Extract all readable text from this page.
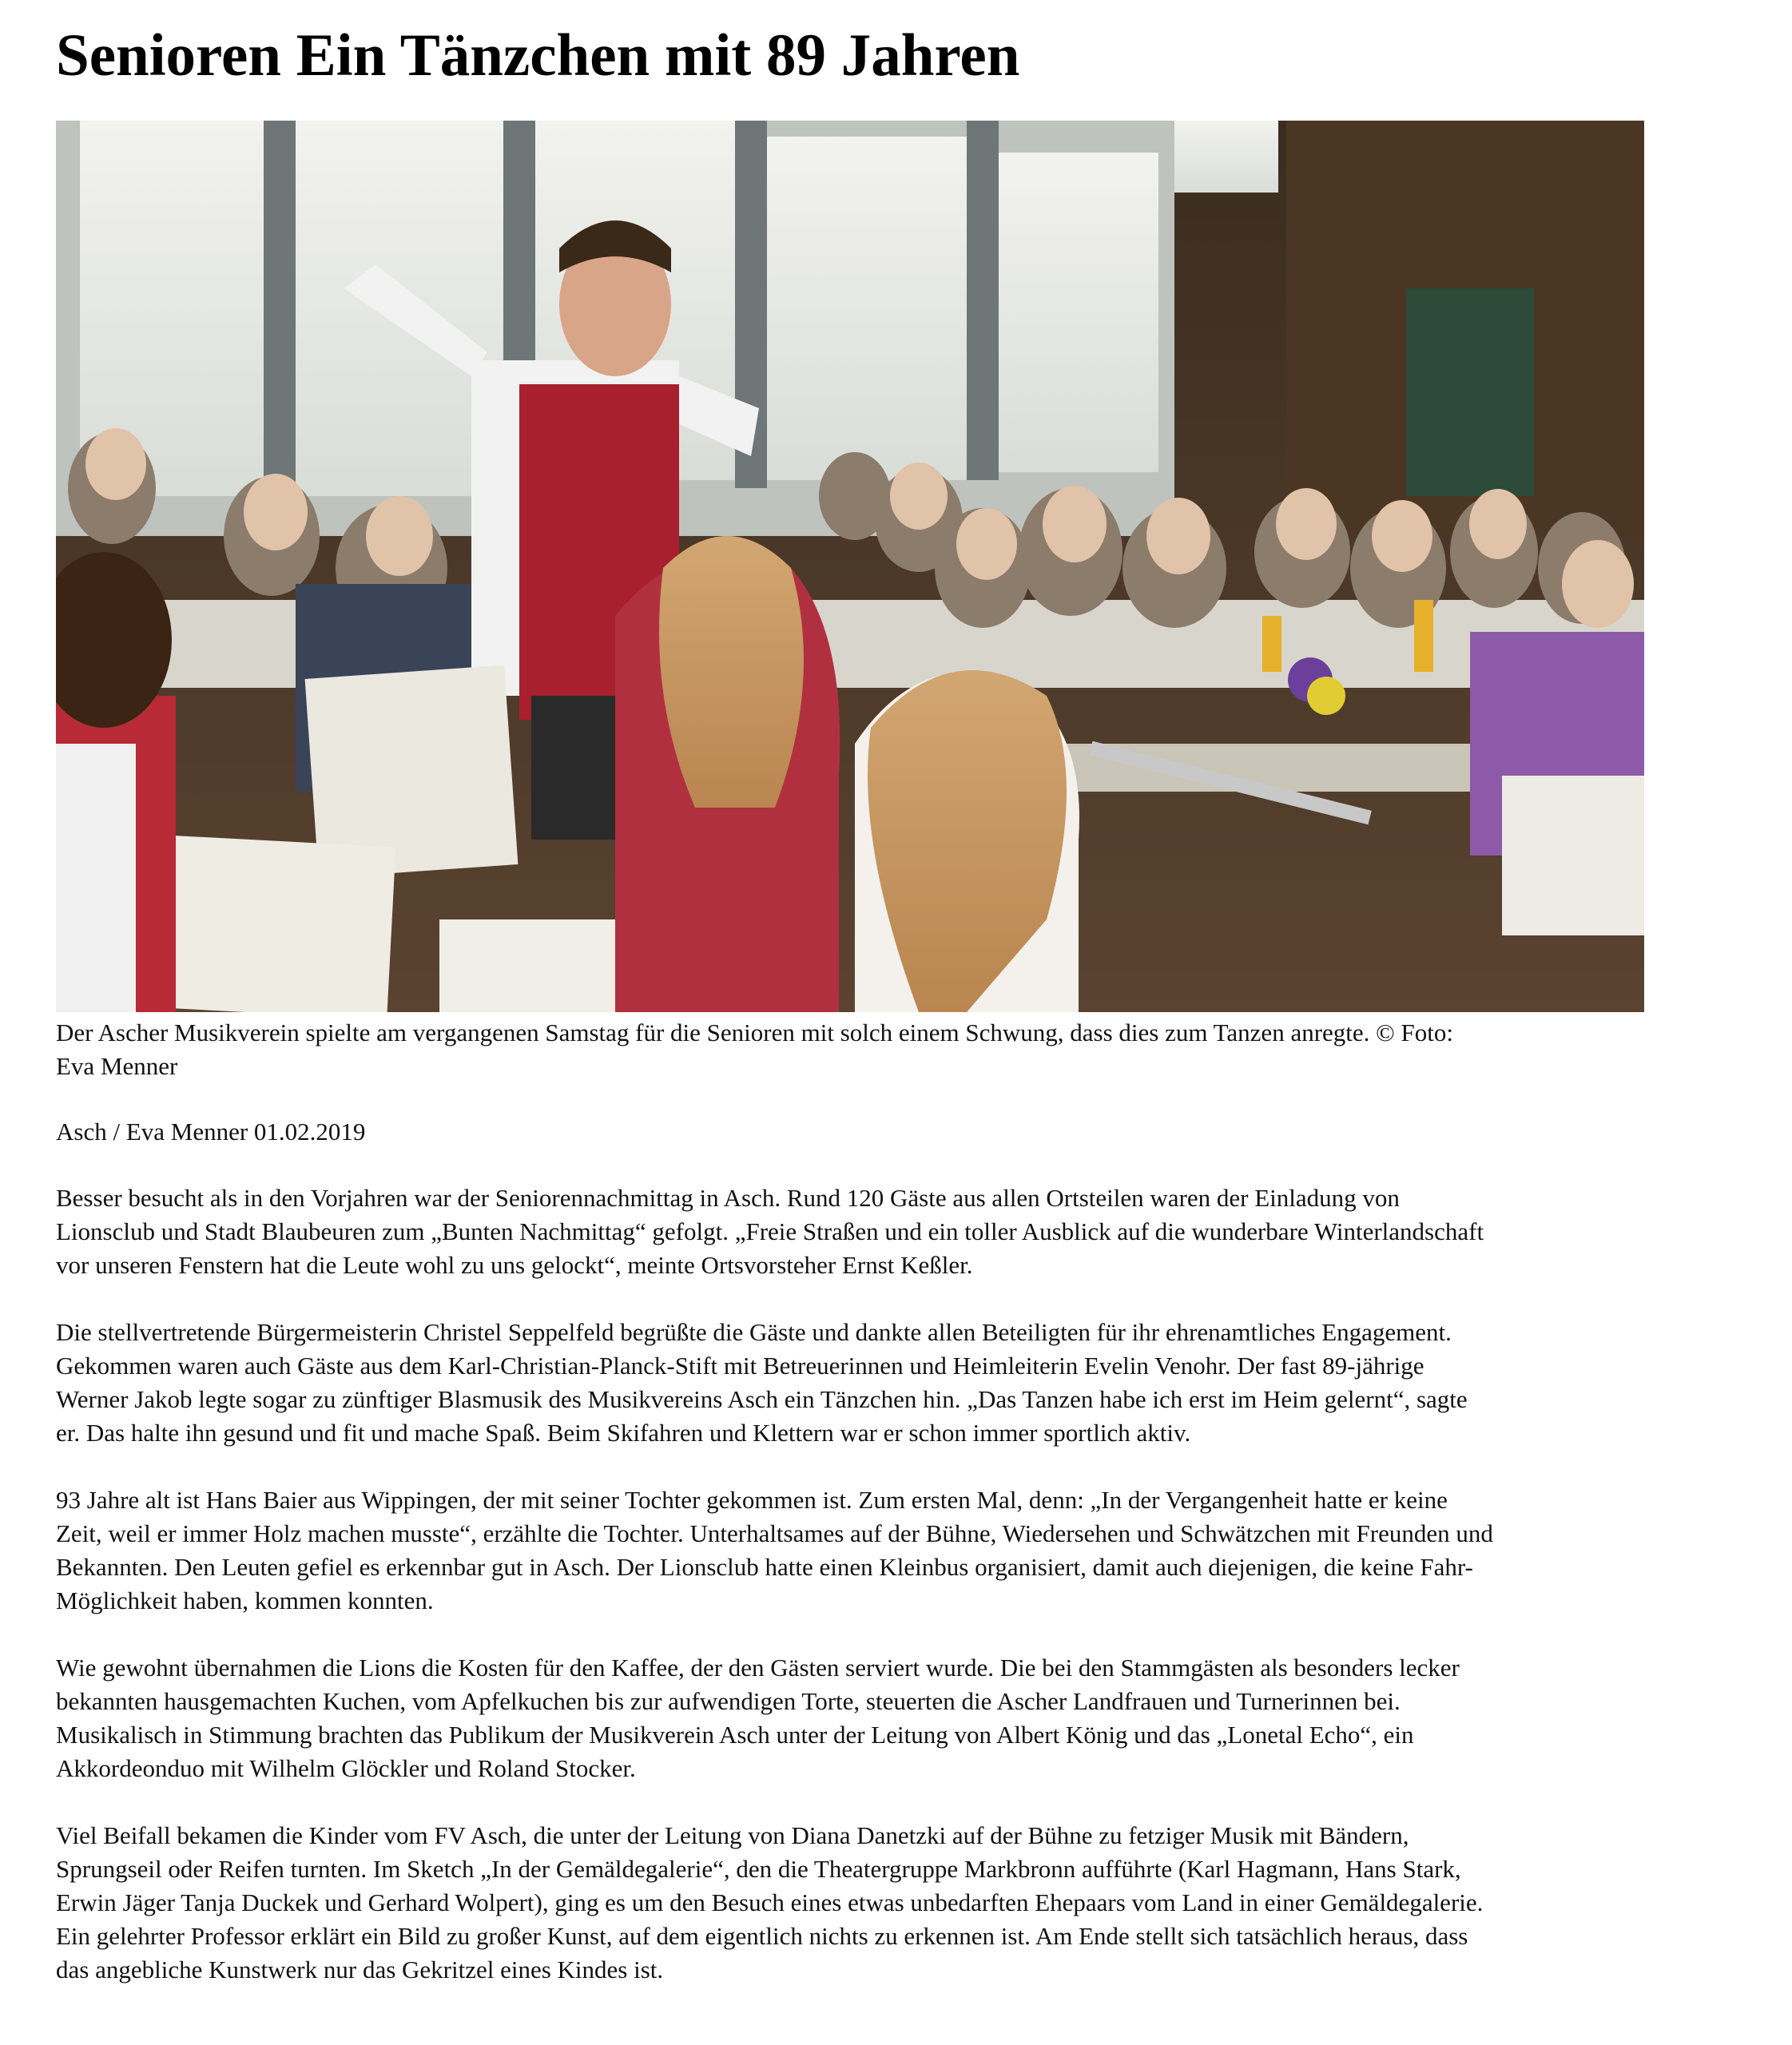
Senioren Ein Tänzchen mit 89 Jahren

Der Ascher Musikverein spielte am vergangenen Samstag für die Senioren mit solch einem Schwung, dass dies zum Tanzen anregte. © Foto:
Eva Menner

Asch / Eva Menner 01.02.2019

Besser besucht als in den Vorjahren war der Seniorennachmittag in Asch. Rund 120 Gäste aus allen Ortsteilen waren der Einladung von
Lionsclub und Stadt Blaubeuren zum „Bunten Nachmittag“ gefolgt. „Freie Straßen und ein toller Ausblick auf die wunderbare Winterlandschaft
vor unseren Fenstern hat die Leute wohl zu uns gelockt“, meinte Ortsvorsteher Ernst Keßler.

Die stellvertretende Bürgermeisterin Christel Seppelfeld begrüßte die Gäste und dankte allen Beteiligten für ihr ehrenamtliches Engagement.
Gekommen waren auch Gäste aus dem Karl-Christian-Planck-Stift mit Betreuerinnen und Heimleiterin Evelin Venohr. Der fast 89-jährige
Werner Jakob legte sogar zu zünftiger Blasmusik des Musikvereins Asch ein Tänzchen hin. „Das Tanzen habe ich erst im Heim gelernt“, sagte
er. Das halte ihn gesund und fit und mache Spaß. Beim Skifahren und Klettern war er schon immer sportlich aktiv.

93 Jahre alt ist Hans Baier aus Wippingen, der mit seiner Tochter gekommen ist. Zum ersten Mal, denn: „In der Vergangenheit hatte er keine
Zeit, weil er immer Holz machen musste“, erzählte die Tochter. Unterhaltsames auf der Bühne, Wiedersehen und Schwätzchen mit Freunden und
Bekannten. Den Leuten gefiel es erkennbar gut in Asch. Der Lionsclub hatte einen Kleinbus organisiert, damit auch diejenigen, die keine Fahr-
Möglichkeit haben, kommen konnten.

Wie gewohnt übernahmen die Lions die Kosten für den Kaffee, der den Gästen serviert wurde. Die bei den Stammgästen als besonders lecker
bekannten hausgemachten Kuchen, vom Apfelkuchen bis zur aufwendigen Torte, steuerten die Ascher Landfrauen und Turnerinnen bei.
Musikalisch in Stimmung brachten das Publikum der Musikverein Asch unter der Leitung von Albert König und das „Lonetal Echo“, ein
Akkordeonduo mit Wilhelm Glöckler und Roland Stocker.

Viel Beifall bekamen die Kinder vom FV Asch, die unter der Leitung von Diana Danetzki auf der Bühne zu fetziger Musik mit Bändern,
Sprungseil oder Reifen turnten. Im Sketch „In der Gemäldegalerie“, den die Theatergruppe Markbronn aufführte (Karl Hagmann, Hans Stark,
Erwin Jäger Tanja Duckek und Gerhard Wolpert), ging es um den Besuch eines etwas unbedarften Ehepaars vom Land in einer Gemäldegalerie.
Ein gelehrter Professor erklärt ein Bild zu großer Kunst, auf dem eigentlich nichts zu erkennen ist. Am Ende stellt sich tatsächlich heraus, dass
das angebliche Kunstwerk nur das Gekritzel eines Kindes ist.
